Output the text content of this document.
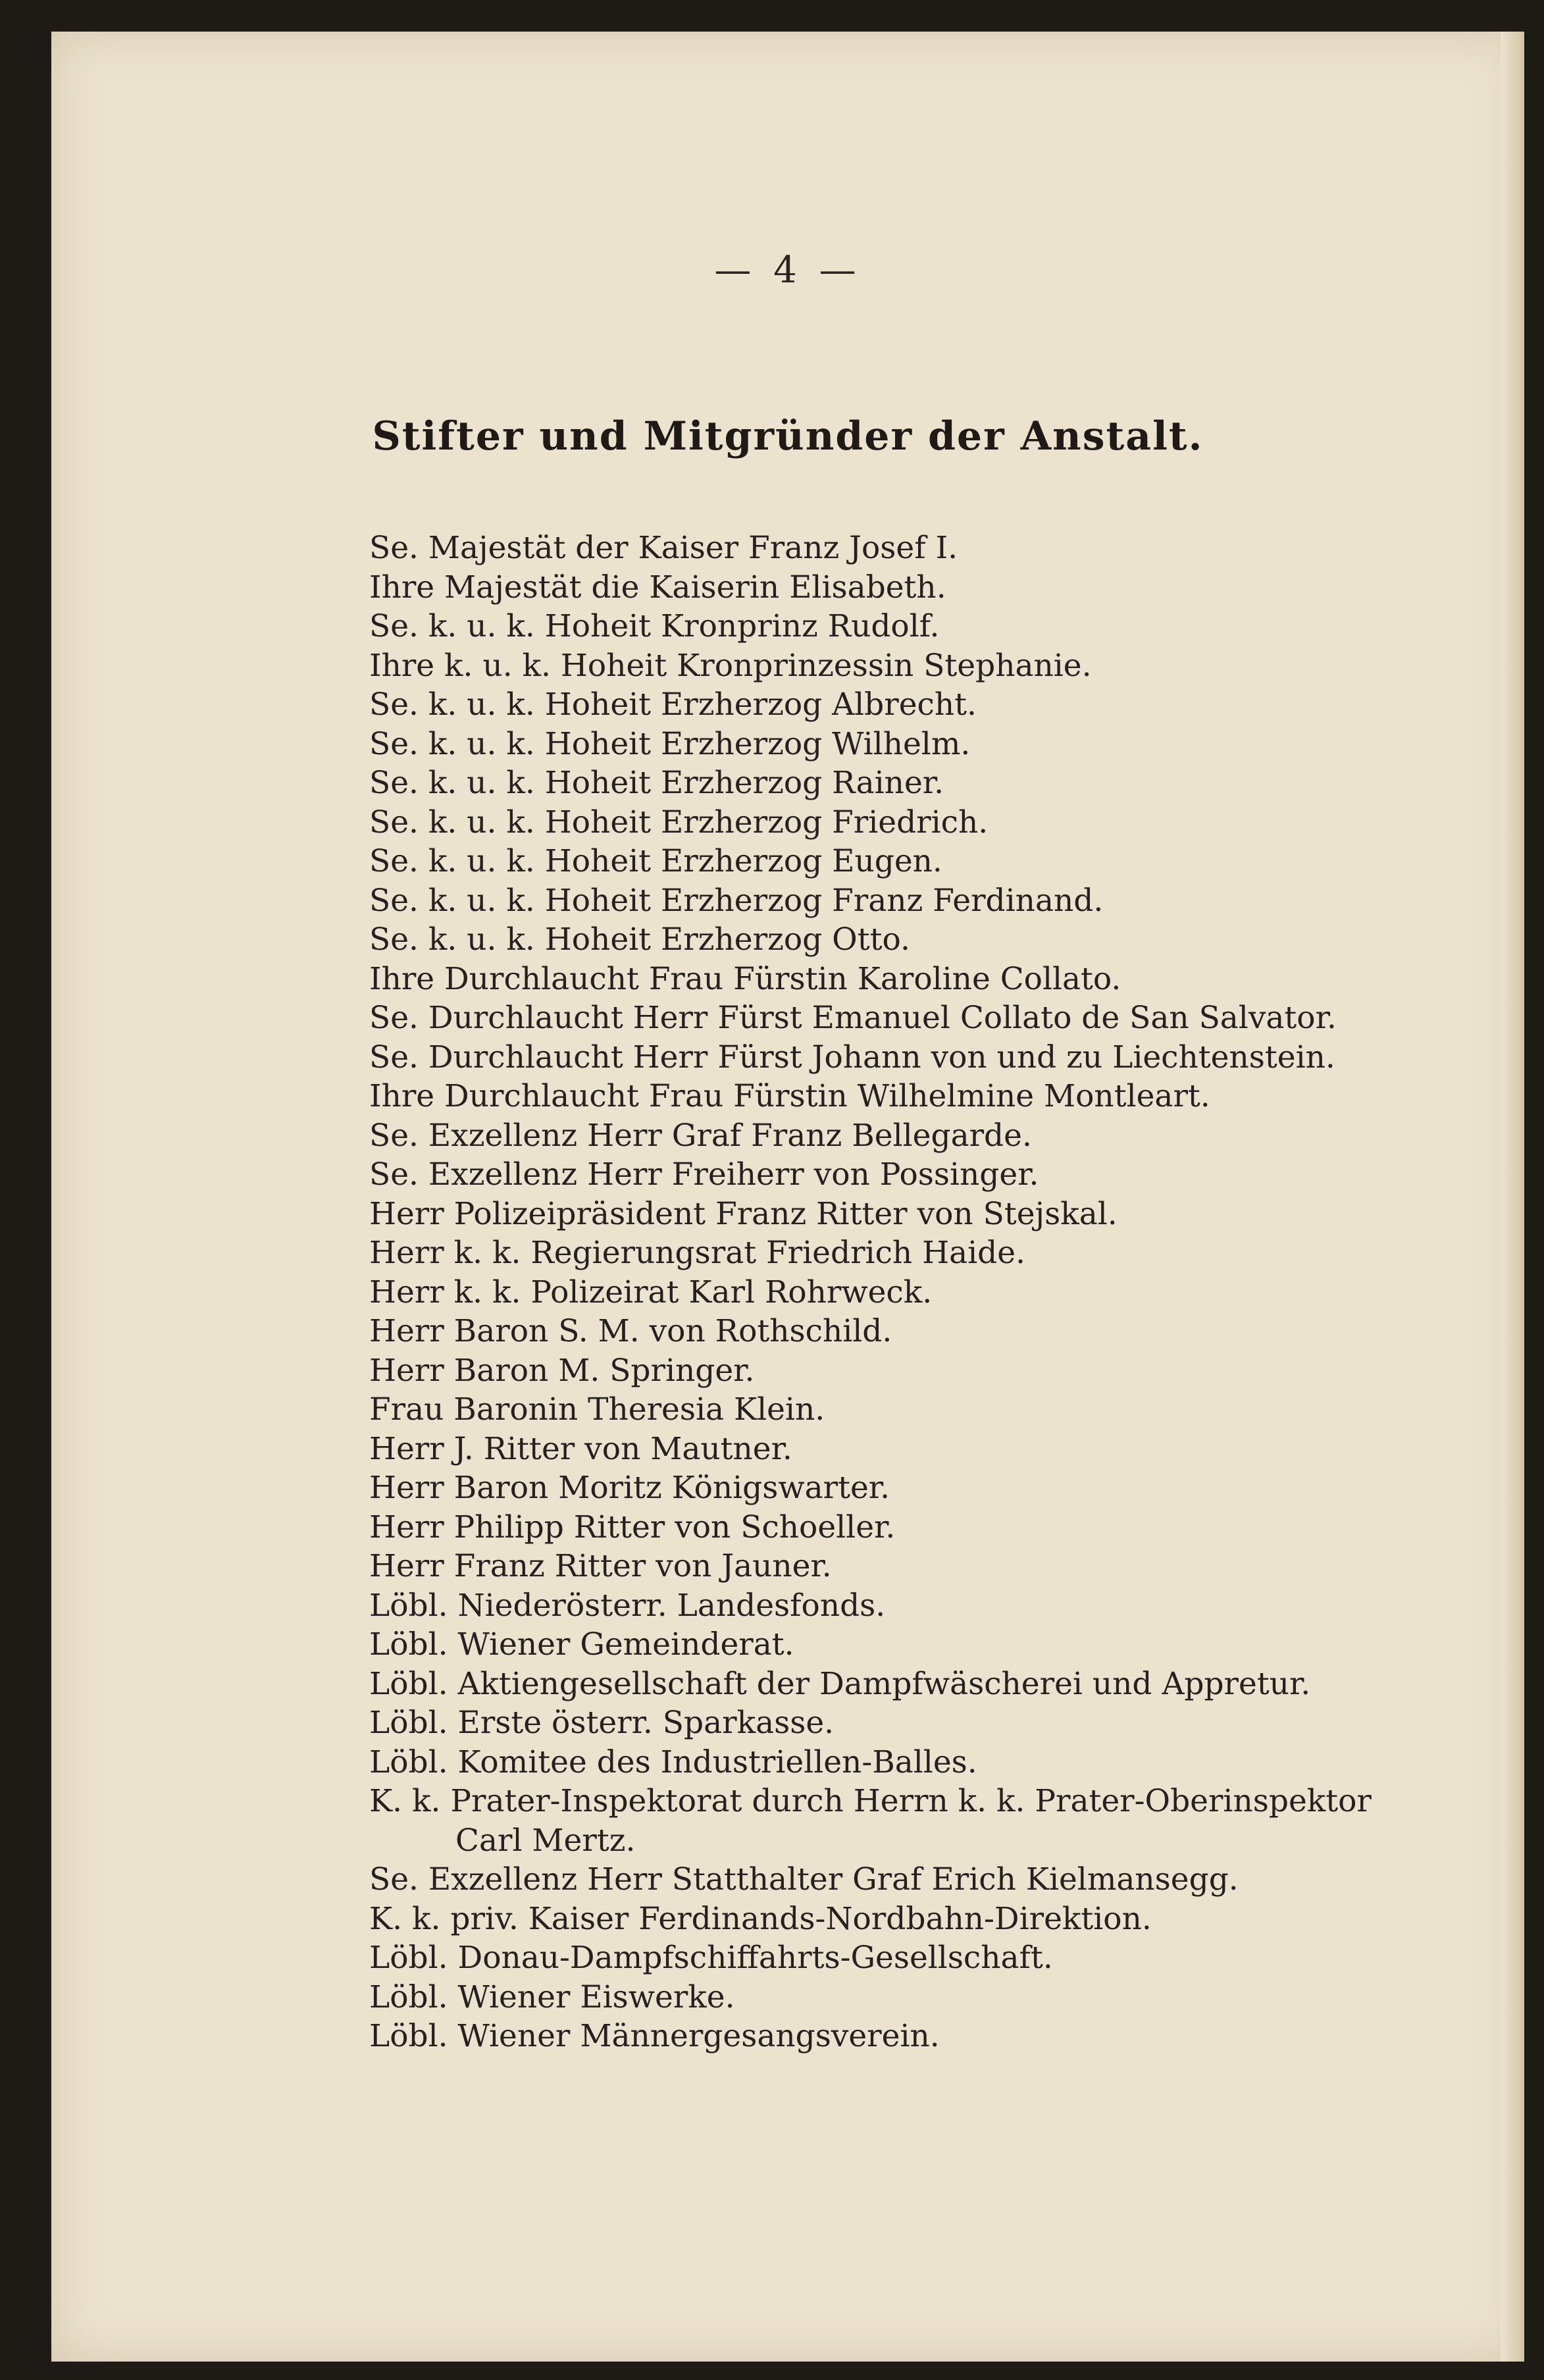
— 4 —
Stifter und Mitgründer der Anstalt.
Se. Majestät der Kaiser Franz Josef I.
Ihre Majestät die Kaiserin Elisabeth.
Se. k. u. k. Hoheit Kronprinz Rudolf.
Ihre k. u. k. Hoheit Kronprinzessin Stephanie.
Se. k. u. k. Hoheit Erzherzog Albrecht.
Se. k. u. k. Hoheit Erzherzog Wilhelm.
Se. k. u. k. Hoheit Erzherzog Rainer.
Se. k. u. k. Hoheit Erzherzog Friedrich.
Se. k. u. k. Hoheit Erzherzog Eugen.
Se. k. u. k. Hoheit Erzherzog Franz Ferdinand.
Se. k. u. k. Hoheit Erzherzog Otto.
Ihre Durchlaucht Frau Fürstin Karoline Collato.
Se. Durchlaucht Herr Fürst Emanuel Collato de San Salvator.
Se. Durchlaucht Herr Fürst Johann von und zu Liechtenstein.
Ihre Durchlaucht Frau Fürstin Wilhelmine Montleart.
Se. Exzellenz Herr Graf Franz Bellegarde.
Se. Exzellenz Herr Freiherr von Possinger.
Herr Polizeipräsident Franz Ritter von Stejskal.
Herr k. k. Regierungsrat Friedrich Haide.
Herr k. k. Polizeirat Karl Rohrweck.
Herr Baron S. M. von Rothschild.
Herr Baron M. Springer.
Frau Baronin Theresia Klein.
Herr J. Ritter von Mautner.
Herr Baron Moritz Königswarter.
Herr Philipp Ritter von Schoeller.
Herr Franz Ritter von Jauner.
Löbl. Niederösterr. Landesfonds.
Löbl. Wiener Gemeinderat.
Löbl. Aktiengesellschaft der Dampfwäscherei und Appretur.
Löbl. Erste österr. Sparkasse.
Löbl. Komitee des Industriellen-Balles.
K. k. Prater-Inspektorat durch Herrn k. k. Prater-Oberinspektor
Carl Mertz.
Se. Exzellenz Herr Statthalter Graf Erich Kielmansegg.
K. k. priv. Kaiser Ferdinands-Nordbahn-Direktion.
Löbl. Donau-Dampfschiffahrts-Gesellschaft.
Löbl. Wiener Eiswerke.
Löbl. Wiener Männergesangsverein.
